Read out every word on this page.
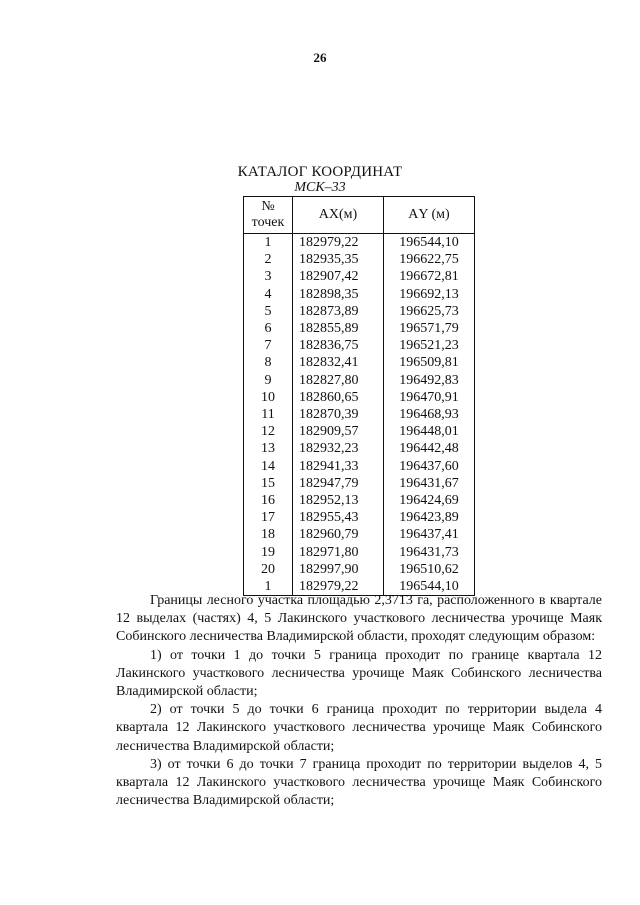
26
КАТАЛОГ КООРДИНАТ
МСК–33
№
точек	АХ(м)	АY (м)
1	182979,22	196544,10
2	182935,35	196622,75
3	182907,42	196672,81
4	182898,35	196692,13
5	182873,89	196625,73
6	182855,89	196571,79
7	182836,75	196521,23
8	182832,41	196509,81
9	182827,80	196492,83
10	182860,65	196470,91
11	182870,39	196468,93
12	182909,57	196448,01
13	182932,23	196442,48
14	182941,33	196437,60
15	182947,79	196431,67
16	182952,13	196424,69
17	182955,43	196423,89
18	182960,79	196437,41
19	182971,80	196431,73
20	182997,90	196510,62
1	182979,22	196544,10

Границы лесного участка площадью 2,3713 га, расположенного в квартале 12 выделах (частях) 4, 5 Лакинского участкового лесничества урочище Маяк Собинского лесничества Владимирской области, проходят следующим образом:

1) от точки 1 до точки 5 граница проходит по границе квартала 12 Лакинского участкового лесничества урочище Маяк Собинского лесничества Владимирской области;

2) от точки 5 до точки 6 граница проходит по территории выдела 4 квартала 12 Лакинского участкового лесничества урочище Маяк Собинского лесничества Владимирской области;

3) от точки 6 до точки 7 граница проходит по территории выделов 4, 5 квартала 12 Лакинского участкового лесничества урочище Маяк Собинского лесничества Владимирской области;
